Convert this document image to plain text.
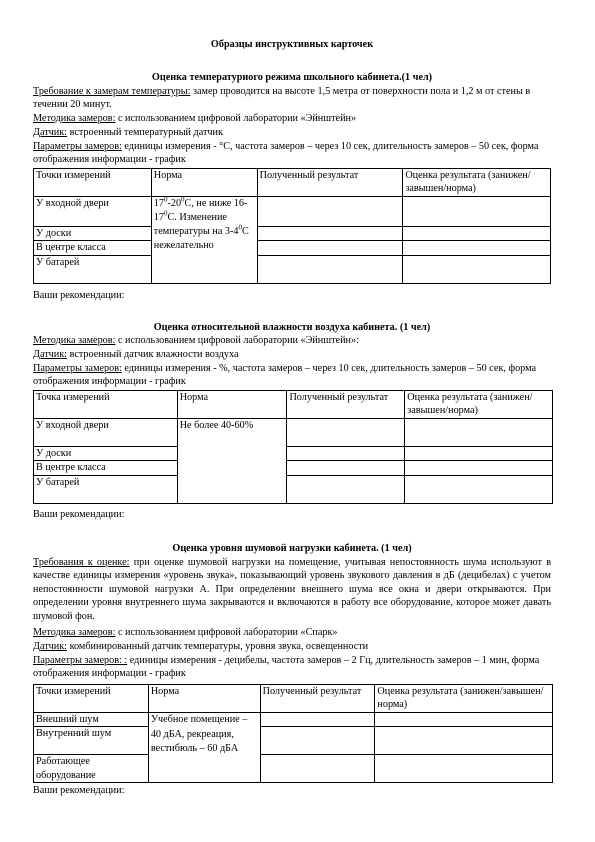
Образцы инструктивных карточек
Оценка температурного режима школьного кабинета.(1 чел)
Требование к замерам температуры: замер проводится на высоте 1,5 метра от поверхности пола и 1,2 м от стены в течении 20 минут.
Методика замеров: с использованием цифровой лаборатории «Эйнштейн»
Датчик: встроенный температурный датчик
Параметры замеров: единицы измерения - °С, частота замеров – через 10 сек, длительность замеров – 50 сек, форма отображения информации - график
Точки измерений	Норма	Полученный результат	Оценка результата (занижен/завышен/норма)
У входной двери	$17^0-20^0С$, не ниже $16-17^0С$. Изменение температуры на $3-4^0С$ нежелательно		
У доски			
В центре класса			
У батарей			
Ваши рекомендации:
Оценка относительной влажности воздуха кабинета. (1 чел)
Методика замеров: с использованием цифровой лаборатории «Эйнштейн»:
Датчик: встроенный датчик влажности воздуха
Параметры замеров: единицы измерения - %, частота замеров – через 10 сек, длительность замеров – 50 сек, форма отображения информации - график
Точка измерений	Норма	Полученный результат	Оценка результата (занижен/завышен/норма)
У входной двери	Не более 40-60%		
У доски			
В центре класса			
У батарей			
Ваши рекомендации:
Оценка уровня шумовой нагрузки кабинета. (1 чел)
Требования к оценке: при оценке шумовой нагрузки на помещение, учитывая непостоянность шума используют в качестве единицы измерения «уровень звука», показывающий уровень звукового давления в дБ (децибелах) с учетом непостоянности шумовой нагрузки А. При определении внешнего шума все окна и двери открываются. При определении уровня внутреннего шума закрываются и включаются в работу все оборудование, которое может давать шумовой фон.
Методика замеров: с использованием цифровой лаборатории «Спарк»
Датчик: комбинированный датчик температуры, уровня звука, освещенности
Параметры замеров: : единицы измерения - децибелы, частота замеров – 2 Гц, длительность замеров – 1 мин, форма отображения информации - график
Точки измерений	Норма	Полученный результат	Оценка результата (занижен/завышен/норма)
Внешний шум	Учебное помещение – 40 дБА, рекреация, вестибюль – 60 дБА		
Внутренний шум			
Работающее оборудование			
Ваши рекомендации:
